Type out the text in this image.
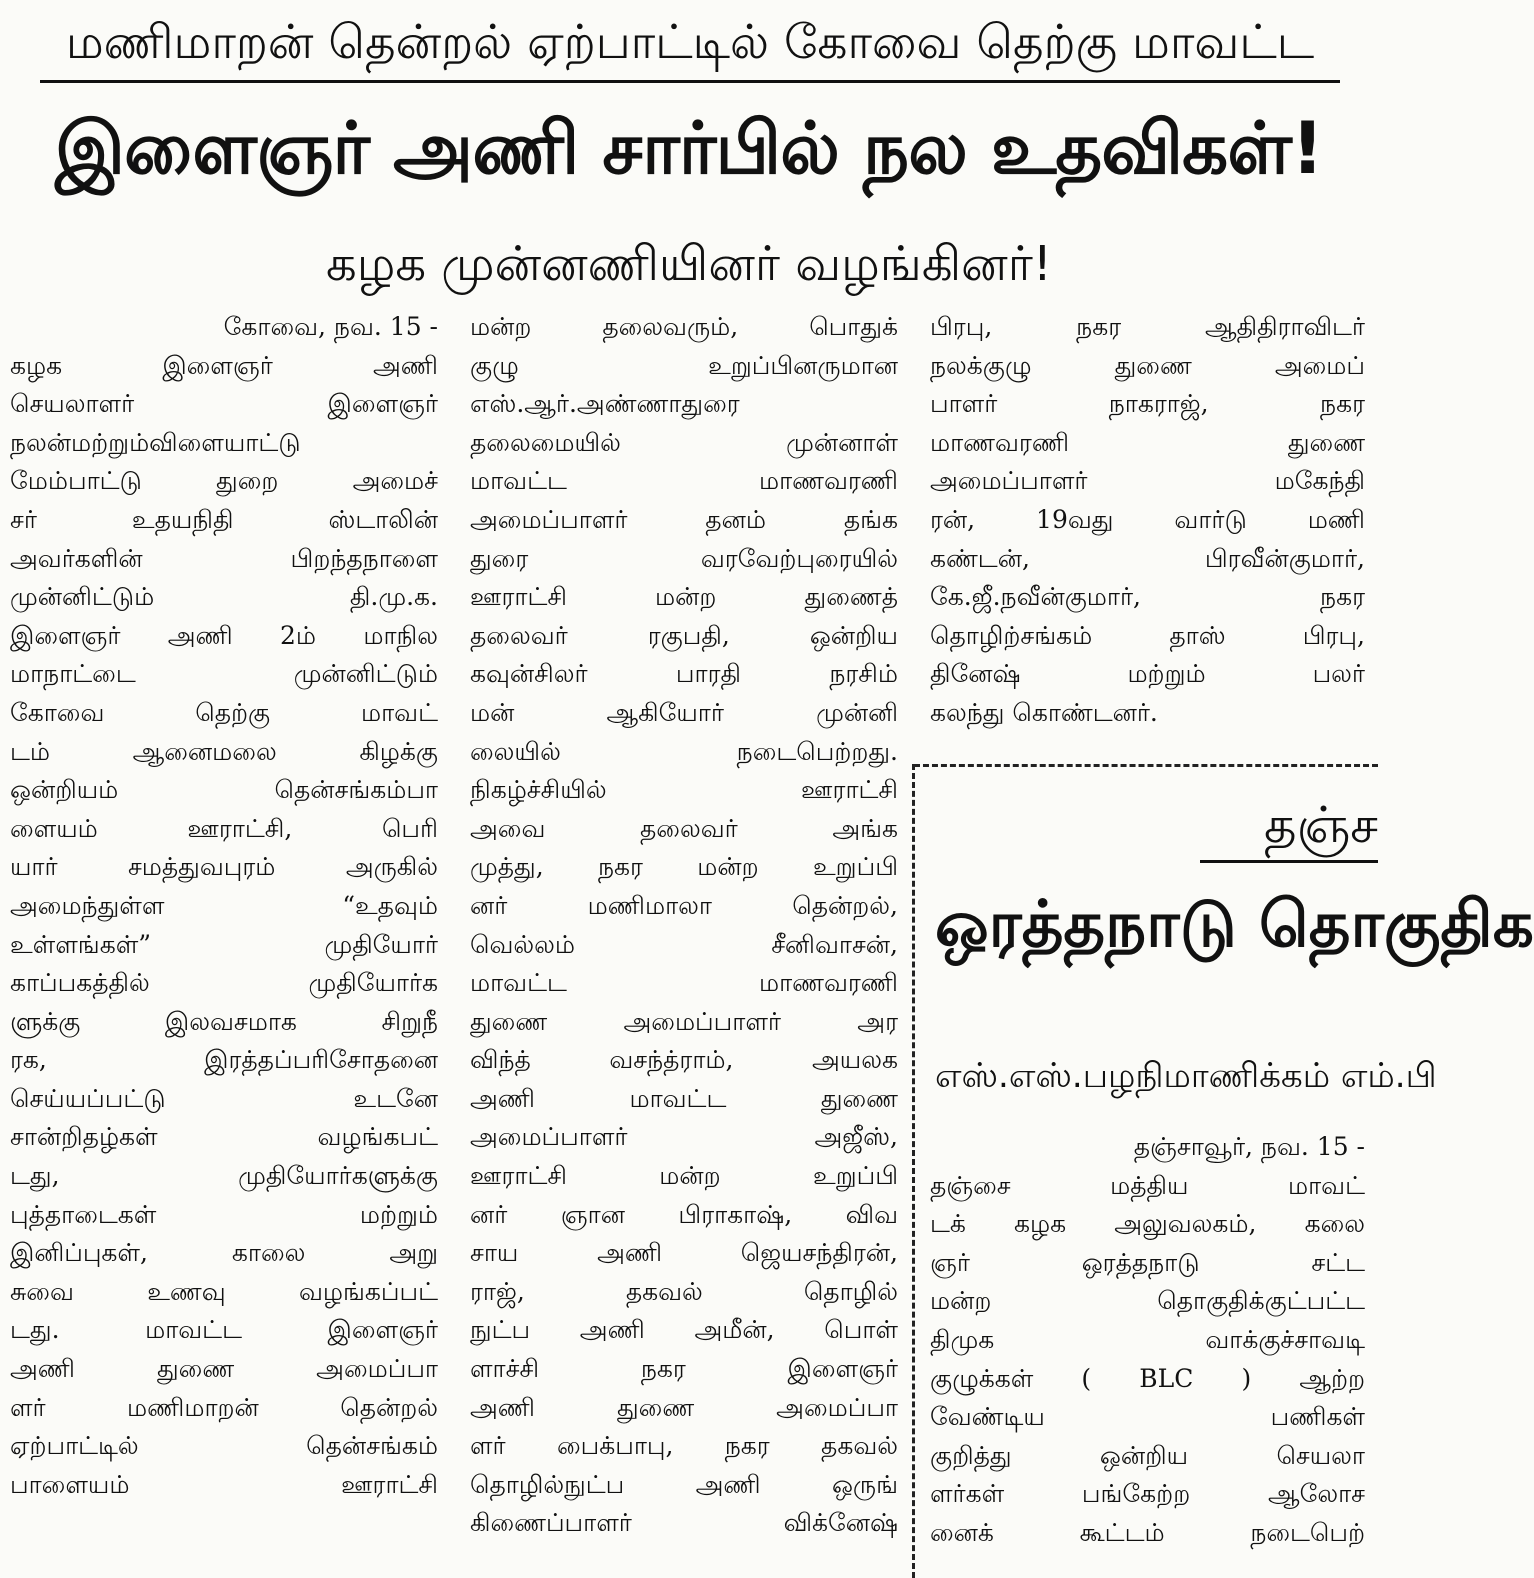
மணிமாறன் தென்றல் ஏற்பாட்டில் கோவை தெற்கு மாவட்ட
இளைஞர் அணி சார்பில் நல உதவிகள்!
கழக முன்னணியினர் வழங்கினர்!
கோவை, நவ. 15 -
கழக இளைஞர் அணி
செயலாளர் இளைஞர்
நலன்மற்றும்விளையாட்டு
மேம்பாட்டு துறை அமைச்
சர் உதயநிதி ஸ்டாலின்
அவர்களின் பிறந்தநாளை
முன்னிட்டும் தி.மு.க.
இளைஞர் அணி 2ம் மாநில
மாநாட்டை முன்னிட்டும்
கோவை தெற்கு மாவட்
டம் ஆனைமலை கிழக்கு
ஒன்றியம் தென்சங்கம்பா
ளையம் ஊராட்சி, பெரி
யார் சமத்துவபுரம் அருகில்
அமைந்துள்ள “உதவும்
உள்ளங்கள்” முதியோர்
காப்பகத்தில் முதியோர்க
ளுக்கு இலவசமாக சிறுநீ
ரக, இரத்தப்பரிசோதனை
செய்யப்பட்டு உடனே
சான்றிதழ்கள் வழங்கபட்
டது, முதியோர்களுக்கு
புத்தாடைகள் மற்றும்
இனிப்புகள், காலை அறு
சுவை உணவு வழங்கப்பட்
டது. மாவட்ட இளைஞர்
அணி துணை அமைப்பா
ளர் மணிமாறன் தென்றல்
ஏற்பாட்டில் தென்சங்கம்
பாளையம் ஊராட்சி
மன்ற தலைவரும், பொதுக்
குழு உறுப்பினருமான
எஸ்.ஆர்.அண்ணாதுரை
தலைமையில் முன்னாள்
மாவட்ட மாணவரணி
அமைப்பாளர் தனம் தங்க
துரை வரவேற்புரையில்
ஊராட்சி மன்ற துணைத்
தலைவர் ரகுபதி, ஒன்றிய
கவுன்சிலர் பாரதி நரசிம்
மன் ஆகியோர் முன்னி
லையில் நடைபெற்றது.
நிகழ்ச்சியில் ஊராட்சி
அவை தலைவர் அங்க
முத்து, நகர மன்ற உறுப்பி
னர் மணிமாலா தென்றல்,
வெல்லம் சீனிவாசன்,
மாவட்ட மாணவரணி
துணை அமைப்பாளர் அர
விந்த் வசந்த்ராம், அயலக
அணி மாவட்ட துணை
அமைப்பாளர் அஜீஸ்,
ஊராட்சி மன்ற உறுப்பி
னர் ஞான பிராகாஷ், விவ
சாய அணி ஜெயசந்திரன்,
ராஜ், தகவல் தொழில்
நுட்ப அணி அமீன், பொள்
ளாச்சி நகர இளைஞர்
அணி துணை அமைப்பா
ளர் பைக்பாபு, நகர தகவல்
தொழில்நுட்ப அணி ஒருங்
கிணைப்பாளர் விக்னேஷ்
பிரபு, நகர ஆதிதிராவிடர்
நலக்குழு துணை அமைப்
பாளர் நாகராஜ், நகர
மாணவரணி துணை
அமைப்பாளர் மகேந்தி
ரன், 19வது வார்டு மணி
கண்டன், பிரவீன்குமார்,
கே.ஜீ.நவீன்குமார், நகர
தொழிற்சங்கம் தாஸ் பிரபு,
தினேஷ் மற்றும் பலர்
கலந்து கொண்டனர்.
தஞ்ச
ஒரத்தநாடு தொகுதிக
எஸ்.எஸ்.பழநிமாணிக்கம் எம்.பி
தஞ்சாவூர், நவ. 15 -
தஞ்சை மத்திய மாவட்
டக் கழக அலுவலகம், கலை
ஞர் ஒரத்தநாடு சட்ட
மன்ற தொகுதிக்குட்பட்ட
திமுக வாக்குச்சாவடி
குழுக்கள் ( BLC ) ஆற்ற
வேண்டிய பணிகள்
குறித்து ஒன்றிய செயலா
ளர்கள் பங்கேற்ற ஆலோச
னைக் கூட்டம் நடைபெற்
